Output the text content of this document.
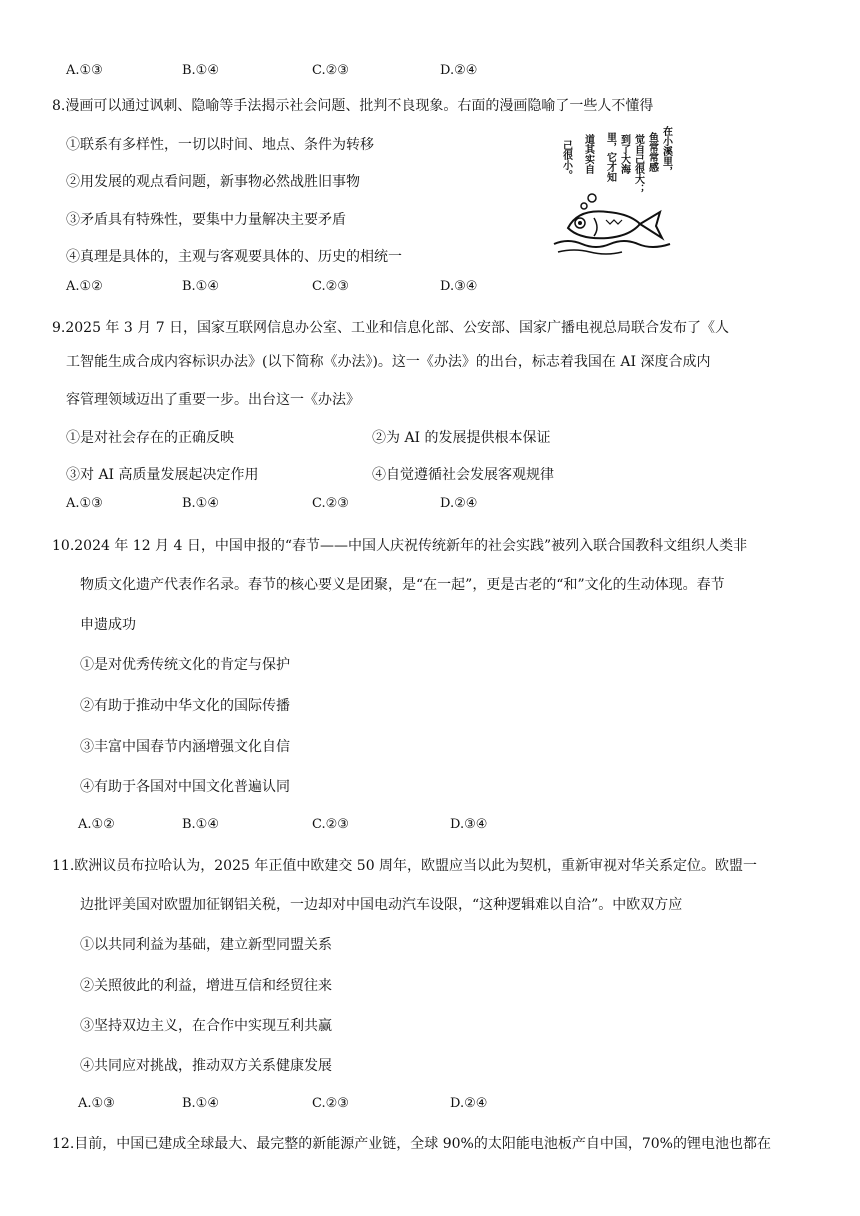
A.①③	B.①④	C.②③	D.②④
8.漫画可以通过讽刺、隐喻等手法揭示社会问题、批判不良现象。右面的漫画隐喻了一些人不懂得
①联系有多样性，一切以时间、地点、条件为转移
②用发展的观点看问题，新事物必然战胜旧事物
③矛盾具有特殊性，要集中力量解决主要矛盾
④真理是具体的，主观与客观要具体的、历史的相统一
A.①②	B.①④	C.②③	D.③④
在小溪里，
鱼常常感
觉自己很大；
到了大海
里，它才知
道其实自
己很小。
9.2025 年 3 月 7 日，国家互联网信息办公室、工业和信息化部、公安部、国家广播电视总局联合发布了《人
工智能生成合成内容标识办法》(以下简称《办法》)。这一《办法》的出台，标志着我国在 AI 深度合成内
容管理领域迈出了重要一步。出台这一《办法》
①是对社会存在的正确反映	②为 AI 的发展提供根本保证
③对 AI 高质量发展起决定作用	④自觉遵循社会发展客观规律
A.①③	B.①④	C.②③	D.②④
10.2024 年 12 月 4 日，中国申报的“春节——中国人庆祝传统新年的社会实践”被列入联合国教科文组织人类非
物质文化遗产代表作名录。春节的核心要义是团聚，是“在一起”，更是古老的“和”文化的生动体现。春节
申遗成功
①是对优秀传统文化的肯定与保护
②有助于推动中华文化的国际传播
③丰富中国春节内涵增强文化自信
④有助于各国对中国文化普遍认同
A.①②	B.①④	C.②③	D.③④
11.欧洲议员布拉哈认为，2025 年正值中欧建交 50 周年，欧盟应当以此为契机，重新审视对华关系定位。欧盟一
边批评美国对欧盟加征钢铝关税，一边却对中国电动汽车设限，“这种逻辑难以自洽”。中欧双方应
①以共同利益为基础，建立新型同盟关系
②关照彼此的利益，增进互信和经贸往来
③坚持双边主义，在合作中实现互利共赢
④共同应对挑战，推动双方关系健康发展
A.①③	B.①④	C.②③	D.②④
12.目前，中国已建成全球最大、最完整的新能源产业链，全球 90%的太阳能电池板产自中国，70%的锂电池也都在
